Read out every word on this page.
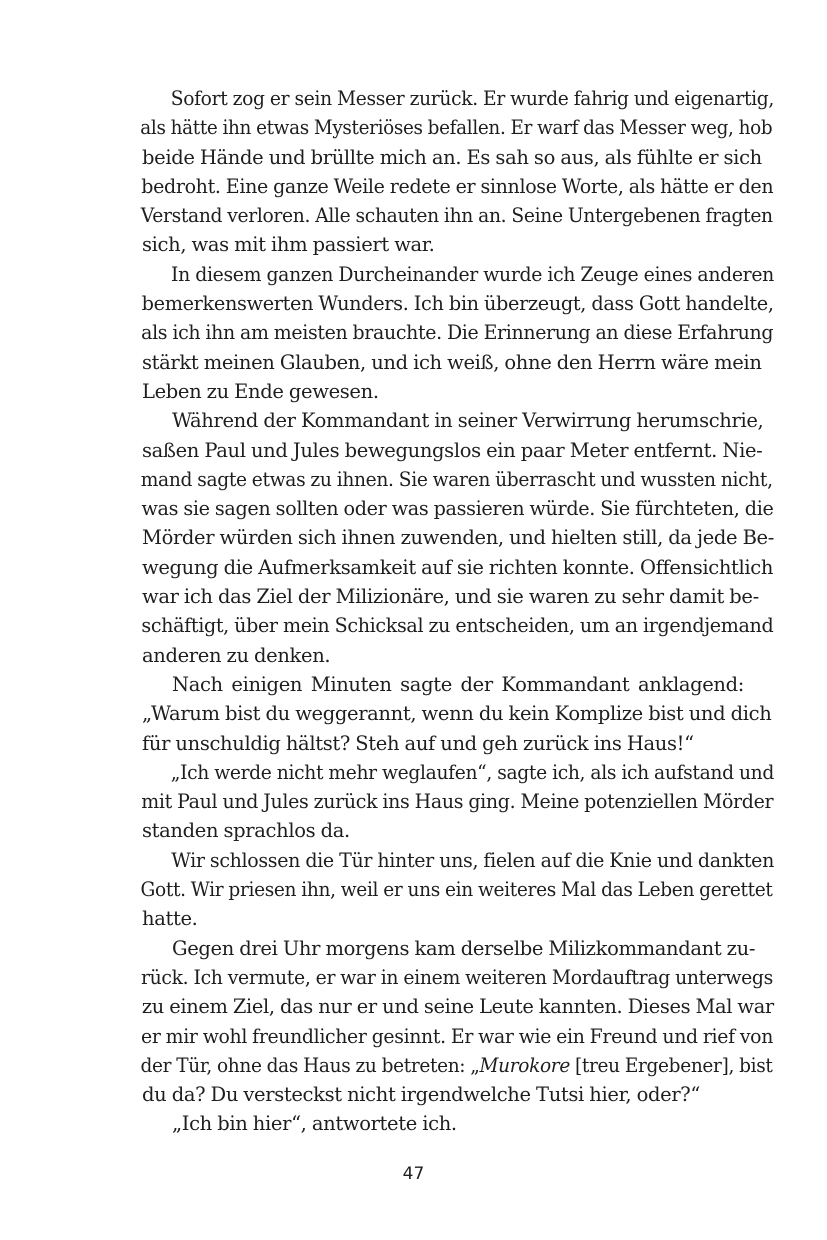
Sofort zog er sein Messer zurück. Er wurde fahrig und eigenartig,
als hätte ihn etwas Mysteriöses befallen. Er warf das Messer weg, hob
beide Hände und brüllte mich an. Es sah so aus, als fühlte er sich
bedroht. Eine ganze Weile redete er sinnlose Worte, als hätte er den
Verstand verloren. Alle schauten ihn an. Seine Untergebenen fragten
sich, was mit ihm passiert war.
In diesem ganzen Durcheinander wurde ich Zeuge eines anderen
bemerkenswerten Wunders. Ich bin überzeugt, dass Gott handelte,
als ich ihn am meisten brauchte. Die Erinnerung an diese Erfahrung
stärkt meinen Glauben, und ich weiß, ohne den Herrn wäre mein
Leben zu Ende gewesen.
Während der Kommandant in seiner Verwirrung herumschrie,
saßen Paul und Jules bewegungslos ein paar Meter entfernt. Nie-
mand sagte etwas zu ihnen. Sie waren überrascht und wussten nicht,
was sie sagen sollten oder was passieren würde. Sie fürchteten, die
Mörder würden sich ihnen zuwenden, und hielten still, da jede Be-
wegung die Aufmerksamkeit auf sie richten konnte. Offensichtlich
war ich das Ziel der Milizionäre, und sie waren zu sehr damit be-
schäftigt, über mein Schicksal zu entscheiden, um an irgendjemand
anderen zu denken.
Nach einigen Minuten sagte der Kommandant anklagend:
„Warum bist du weggerannt, wenn du kein Komplize bist und dich
für unschuldig hältst? Steh auf und geh zurück ins Haus!“
„Ich werde nicht mehr weglaufen“, sagte ich, als ich aufstand und
mit Paul und Jules zurück ins Haus ging. Meine potenziellen Mörder
standen sprachlos da.
Wir schlossen die Tür hinter uns, fielen auf die Knie und dankten
Gott. Wir priesen ihn, weil er uns ein weiteres Mal das Leben gerettet
hatte.
Gegen drei Uhr morgens kam derselbe Milizkommandant zu-
rück. Ich vermute, er war in einem weiteren Mordauftrag unterwegs
zu einem Ziel, das nur er und seine Leute kannten. Dieses Mal war
er mir wohl freundlicher gesinnt. Er war wie ein Freund und rief von
der Tür, ohne das Haus zu betreten: „Murokore [treu Ergebener], bist
du da? Du versteckst nicht irgendwelche Tutsi hier, oder?“
„Ich bin hier“, antwortete ich.
47
